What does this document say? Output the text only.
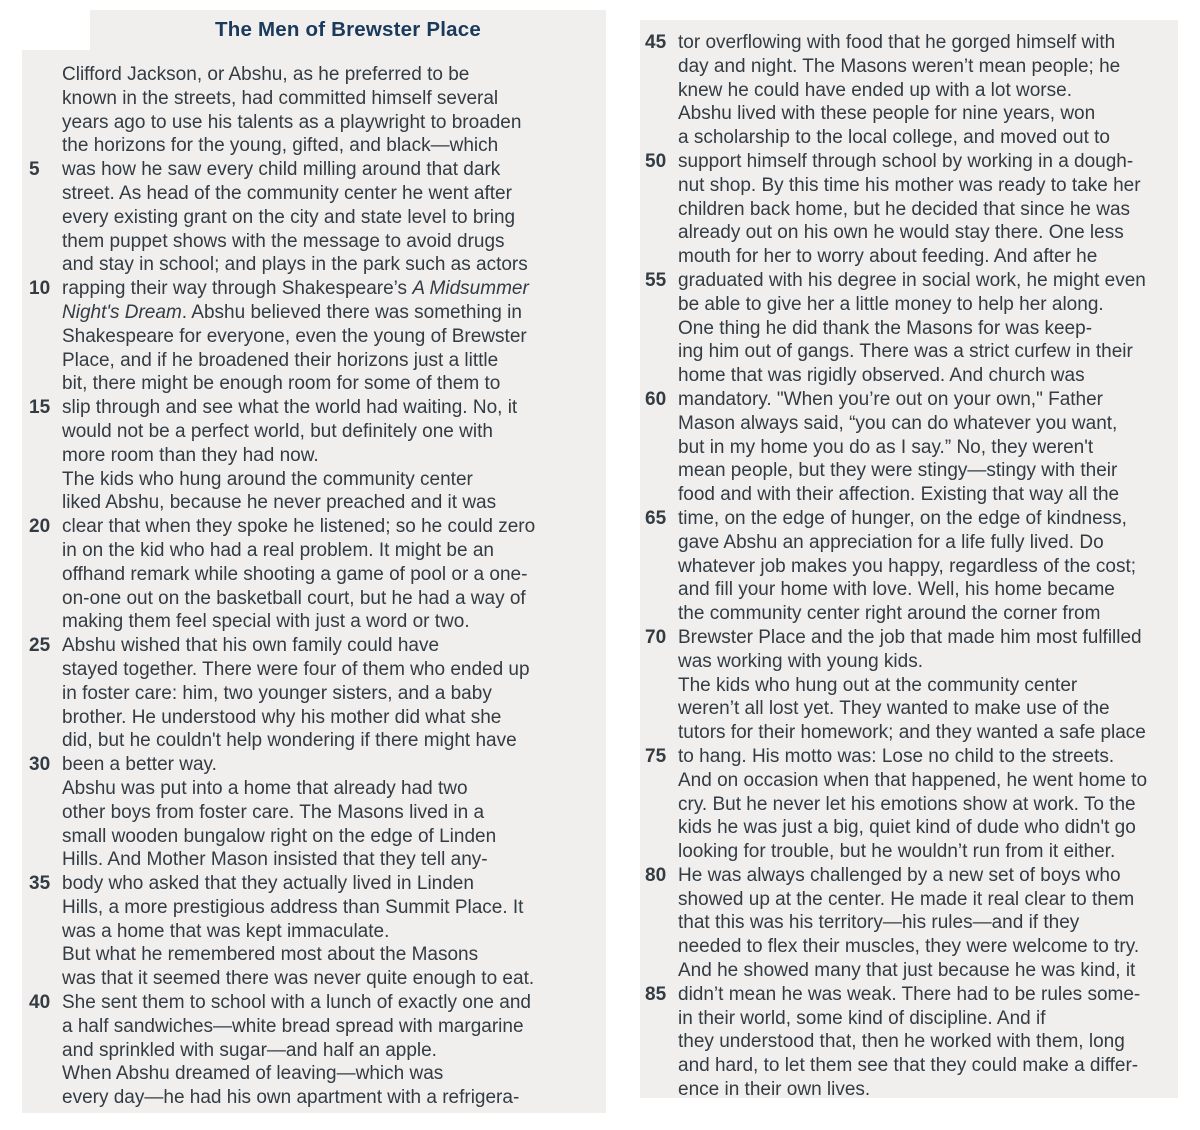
The Men of Brewster Place
Clifford Jackson, or Abshu, as he preferred to be
known in the streets, had committed himself several
years ago to use his talents as a playwright to broaden
the horizons for the young, gifted, and black—which
5 was how he saw every child milling around that dark
street. As head of the community center he went after
every existing grant on the city and state level to bring
them puppet shows with the message to avoid drugs
and stay in school; and plays in the park such as actors
10 rapping their way through Shakespeare’s A Midsummer
Night's Dream. Abshu believed there was something in
Shakespeare for everyone, even the young of Brewster
Place, and if he broadened their horizons just a little
bit, there might be enough room for some of them to
15 slip through and see what the world had waiting. No, it
would not be a perfect world, but definitely one with
more room than they had now.
The kids who hung around the community center
liked Abshu, because he never preached and it was
20 clear that when they spoke he listened; so he could zero
in on the kid who had a real problem. It might be an
offhand remark while shooting a game of pool or a one-
on-one out on the basketball court, but he had a way of
making them feel special with just a word or two.
25 Abshu wished that his own family could have
stayed together. There were four of them who ended up
in foster care: him, two younger sisters, and a baby
brother. He understood why his mother did what she
did, but he couldn't help wondering if there might have
30 been a better way.
Abshu was put into a home that already had two
other boys from foster care. The Masons lived in a
small wooden bungalow right on the edge of Linden
Hills. And Mother Mason insisted that they tell any-
35 body who asked that they actually lived in Linden
Hills, a more prestigious address than Summit Place. It
was a home that was kept immaculate.
But what he remembered most about the Masons
was that it seemed there was never quite enough to eat.
40 She sent them to school with a lunch of exactly one and
a half sandwiches—white bread spread with margarine
and sprinkled with sugar—and half an apple.
When Abshu dreamed of leaving—which was
every day—he had his own apartment with a refrigera-
45 tor overflowing with food that he gorged himself with
day and night. The Masons weren’t mean people; he
knew he could have ended up with a lot worse.
Abshu lived with these people for nine years, won
a scholarship to the local college, and moved out to
50 support himself through school by working in a dough-
nut shop. By this time his mother was ready to take her
children back home, but he decided that since he was
already out on his own he would stay there. One less
mouth for her to worry about feeding. And after he
55 graduated with his degree in social work, he might even
be able to give her a little money to help her along.
One thing he did thank the Masons for was keep-
ing him out of gangs. There was a strict curfew in their
home that was rigidly observed. And church was
60 mandatory. "When you’re out on your own," Father
Mason always said, “you can do whatever you want,
but in my home you do as I say.” No, they weren't
mean people, but they were stingy—stingy with their
food and with their affection. Existing that way all the
65 time, on the edge of hunger, on the edge of kindness,
gave Abshu an appreciation for a life fully lived. Do
whatever job makes you happy, regardless of the cost;
and fill your home with love. Well, his home became
the community center right around the corner from
70 Brewster Place and the job that made him most fulfilled
was working with young kids.
The kids who hung out at the community center
weren’t all lost yet. They wanted to make use of the
tutors for their homework; and they wanted a safe place
75 to hang. His motto was: Lose no child to the streets.
And on occasion when that happened, he went home to
cry. But he never let his emotions show at work. To the
kids he was just a big, quiet kind of dude who didn't go
looking for trouble, but he wouldn’t run from it either.
80 He was always challenged by a new set of boys who
showed up at the center. He made it real clear to them
that this was his territory—his rules—and if they
needed to flex their muscles, they were welcome to try.
And he showed many that just because he was kind, it
85 didn’t mean he was weak. There had to be rules some-
in their world, some kind of discipline. And if
they understood that, then he worked with them, long
and hard, to let them see that they could make a differ-
ence in their own lives.
